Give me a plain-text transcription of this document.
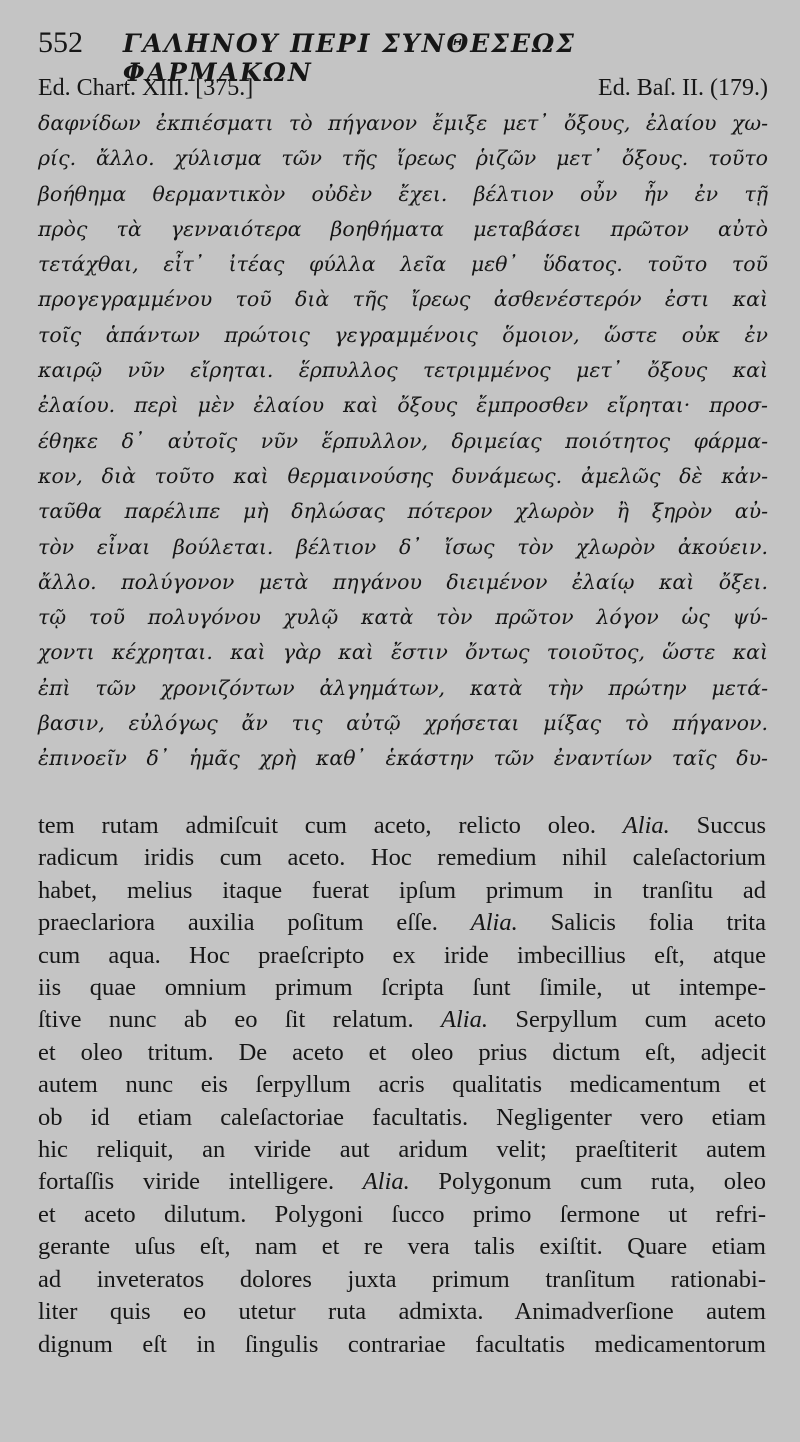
552	ΓΑΛΗΝΟΥ ΠΕΡΙ ΣΥΝΘΕΣΕΩΣ ΦΑΡΜΑΚΩΝ
Ed. Chart. XIII. [375.]	Ed. Baſ. II. (179.)
δαφνίδων ἐκπιέσματι τὸ πήγανον ἔμιξε μετ᾽ ὄξους, ἐλαίου χω-
ρίς. ἄλλο. χύλισμα τῶν τῆς ἴρεως ῥιζῶν μετ᾽ ὄξους. τοῦτο
βοήθημα θερμαντικὸν οὐδὲν ἔχει. βέλτιον οὖν ἦν ἐν τῇ
πρὸς τὰ γενναιότερα βοηθήματα μεταβάσει πρῶτον αὐτὸ
τετάχθαι, εἶτ᾽ ἰτέας φύλλα λεῖα μεθ᾽ ὕδατος. τοῦτο τοῦ
προγεγραμμένου τοῦ διὰ τῆς ἴρεως ἀσθενέστερόν ἐστι καὶ
τοῖς ἁπάντων πρώτοις γεγραμμένοις ὅμοιον, ὥστε οὐκ ἐν
καιρῷ νῦν εἴρηται. ἕρπυλλος τετριμμένος μετ᾽ ὄξους καὶ
ἐλαίου. περὶ μὲν ἐλαίου καὶ ὄξους ἔμπροσθεν εἴρηται· προσ-
έθηκε δ᾽ αὐτοῖς νῦν ἕρπυλλον, δριμείας ποιότητος φάρμα-
κον, διὰ τοῦτο καὶ θερμαινούσης δυνάμεως. ἀμελῶς δὲ κἀν-
ταῦθα παρέλιπε μὴ δηλώσας πότερον χλωρὸν ἢ ξηρὸν αὐ-
τὸν εἶναι βούλεται. βέλτιον δ᾽ ἴσως τὸν χλωρὸν ἀκούειν.
ἄλλο. πολύγονον μετὰ πηγάνου διειμένον ἐλαίῳ καὶ ὄξει.
τῷ τοῦ πολυγόνου χυλῷ κατὰ τὸν πρῶτον λόγον ὡς ψύ-
χοντι κέχρηται. καὶ γὰρ καὶ ἔστιν ὄντως τοιοῦτος, ὥστε καὶ
ἐπὶ τῶν χρονιζόντων ἀλγημάτων, κατὰ τὴν πρώτην μετά-
βασιν, εὐλόγως ἄν τις αὐτῷ χρήσεται μίξας τὸ πήγανον.
ἐπινοεῖν δ᾽ ἡμᾶς χρὴ καθ᾽ ἑκάστην τῶν ἐναντίων ταῖς δυ-
tem rutam admiſcuit cum aceto, relicto oleo. Alia. Succus
radicum iridis cum aceto. Hoc remedium nihil caleſactorium
habet, melius itaque fuerat ipſum primum in tranſitu ad
praeclariora auxilia poſitum eſſe. Alia. Salicis folia trita
cum aqua. Hoc praeſcripto ex iride imbecillius eſt, atque
iis quae omnium primum ſcripta ſunt ſimile, ut intempe-
ſtive nunc ab eo ſit relatum. Alia. Serpyllum cum aceto
et oleo tritum. De aceto et oleo prius dictum eſt, adjecit
autem nunc eis ſerpyllum acris qualitatis medicamentum et
ob id etiam caleſactoriae facultatis. Negligenter vero etiam
hic reliquit, an viride aut aridum velit; praeſtiterit autem
fortaſſis viride intelligere. Alia. Polygonum cum ruta, oleo
et aceto dilutum. Polygoni ſucco primo ſermone ut refri-
gerante uſus eſt, nam et re vera talis exiſtit. Quare etiam
ad inveteratos dolores juxta primum tranſitum rationabi-
liter quis eo utetur ruta admixta. Animadverſione autem
dignum eſt in ſingulis contrariae facultatis medicamentorum
